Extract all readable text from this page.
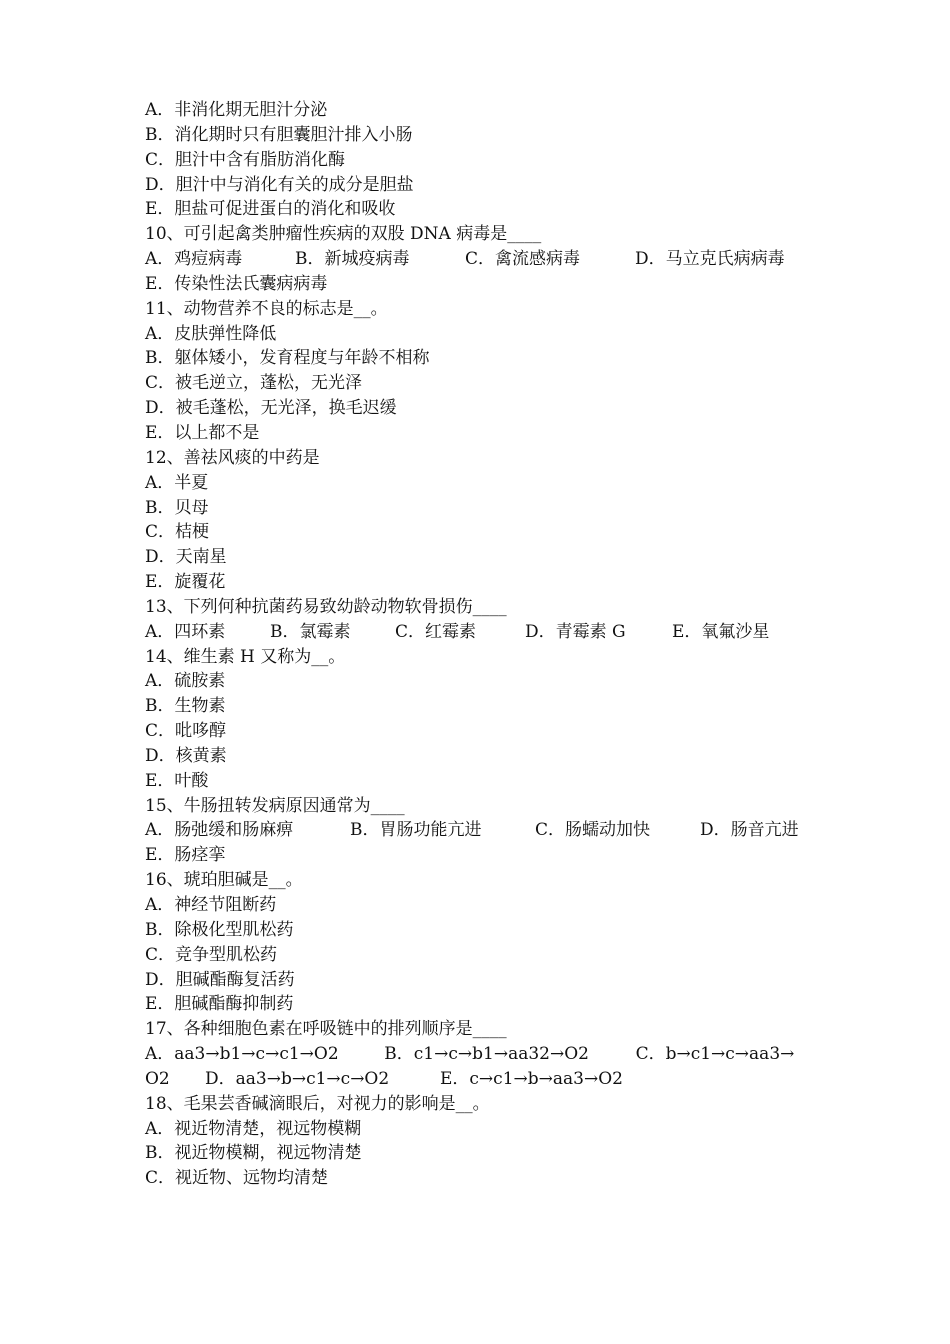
A．非消化期无胆汁分泌
B．消化期时只有胆囊胆汁排入小肠
C．胆汁中含有脂肪消化酶
D．胆汁中与消化有关的成分是胆盐
E．胆盐可促进蛋白的消化和吸收
10、可引起禽类肿瘤性疾病的双股 DNA 病毒是____
A．鸡痘病毒	B．新城疫病毒	C．禽流感病毒	D．马立克氏病病毒
E．传染性法氏囊病病毒
11、动物营养不良的标志是__。
A．皮肤弹性降低
B．躯体矮小，发育程度与年龄不相称
C．被毛逆立，蓬松，无光泽
D．被毛蓬松，无光泽，换毛迟缓
E．以上都不是
12、善祛风痰的中药是
A．半夏
B．贝母
C．桔梗
D．天南星
E．旋覆花
13、下列何种抗菌药易致幼龄动物软骨损伤____
A．四环素	B．氯霉素	C．红霉素	D．青霉素 G	E．氧氟沙星
14、维生素 H 又称为__。
A．硫胺素
B．生物素
C．吡哆醇
D．核黄素
E．叶酸
15、牛肠扭转发病原因通常为____
A．肠弛缓和肠麻痹	B．胃肠功能亢进	C．肠蠕动加快	D．肠音亢进
E．肠痉挛
16、琥珀胆碱是__。
A．神经节阻断药
B．除极化型肌松药
C．竞争型肌松药
D．胆碱酯酶复活药
E．胆碱酯酶抑制药
17、各种细胞色素在呼吸链中的排列顺序是____
A．aa3→b1→c→c1→O2	B．c1→c→b1→aa32→O2	C．b→c1→c→aa3→
O2	D．aa3→b→c1→c→O2	E．c→c1→b→aa3→O2
18、毛果芸香碱滴眼后，对视力的影响是__。
A．视近物清楚，视远物模糊
B．视近物模糊，视远物清楚
C．视近物、远物均清楚
